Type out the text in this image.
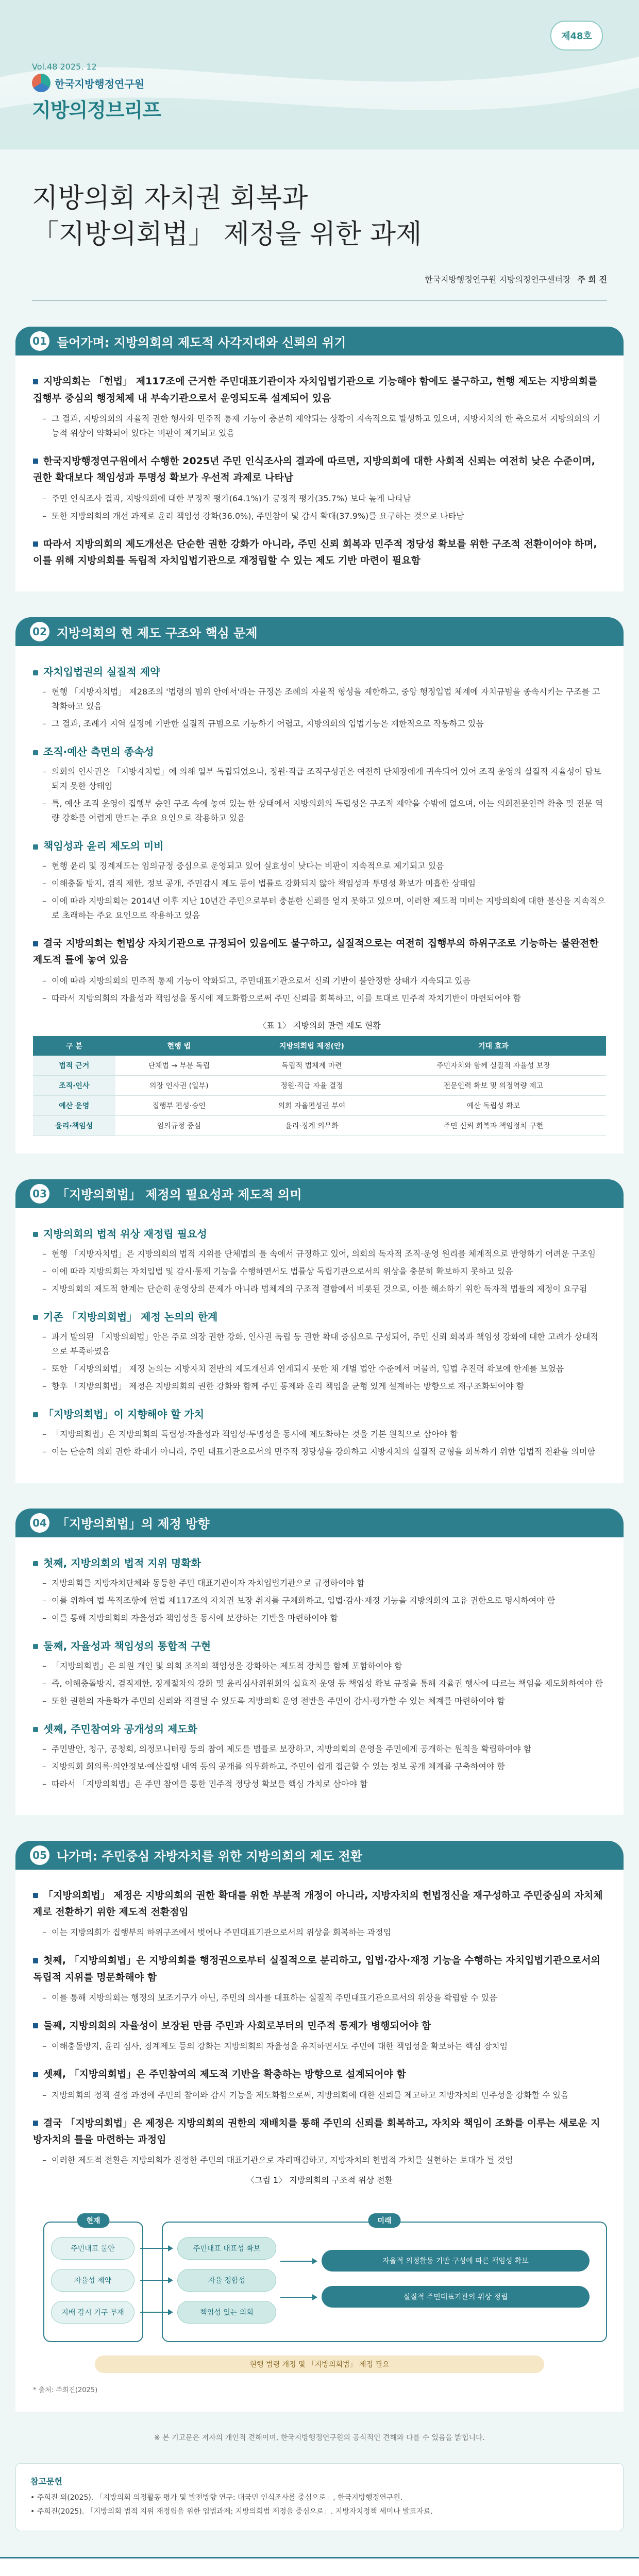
제48호
Vol.48 2025. 12
한국지방행정연구원
지방의정브리프
지방의회 자치권 회복과
「지방의회법」 제정을 위한 과제
한국지방행정연구원 지방의정연구센터장 주 희 진
01 들어가며: 지방의회의 제도적 사각지대와 신뢰의 위기

지방의회는 「헌법」 제117조에 근거한 주민대표기관이자 자치입법기관으로 기능해야 함에도 불구하고, 현행 제도는 지방의회를 집행부 중심의 행정체제 내 부속기관으로서 운영되도록 설계되어 있음

– 그 결과, 지방의회의 자율적 권한 행사와 민주적 통제 기능이 충분히 제약되는 상황이 지속적으로 발생하고 있으며, 지방자치의 한 축으로서 지방의회의 기능적 위상이 약화되어 있다는 비판이 제기되고 있음

한국지방행정연구원에서 수행한 2025년 주민 인식조사의 결과에 따르면, 지방의회에 대한 사회적 신뢰는 여전히 낮은 수준이며, 권한 확대보다 책임성과 투명성 확보가 우선적 과제로 나타남

– 주민 인식조사 결과, 지방의회에 대한 부정적 평가(64.1%)가 긍정적 평가(35.7%) 보다 높게 나타남
– 또한 지방의회의 개선 과제로 윤리 책임성 강화(36.0%), 주민참여 및 감시 확대(37.9%)를 요구하는 것으로 나타남

따라서 지방의회의 제도개선은 단순한 권한 강화가 아니라, 주민 신뢰 회복과 민주적 정당성 확보를 위한 구조적 전환이어야 하며, 이를 위해 지방의회를 독립적 자치입법기관으로 재정립할 수 있는 제도 기반 마련이 필요함

02 지방의회의 현 제도 구조와 핵심 문제
자치입법권의 실질적 제약
– 현행 「지방자치법」 제28조의 '법령의 범위 안에서'라는 규정은 조례의 자율적 형성을 제한하고, 중앙 행정입법 체계에 자치규범을 종속시키는 구조를 고착화하고 있음
– 그 결과, 조례가 지역 실정에 기반한 실질적 규범으로 기능하기 어렵고, 지방의회의 입법기능은 제한적으로 작동하고 있음
조직·예산 측면의 종속성
– 의회의 인사권은 「지방자치법」에 의해 일부 독립되었으나, 정원·직급 조직구성권은 여전히 단체장에게 귀속되어 있어 조직 운영의 실질적 자율성이 담보되지 못한 상태임
– 특, 예산 조직 운영이 집행부 승인 구조 속에 놓여 있는 한 상태에서 지방의회의 독립성은 구조적 제약을 수밖에 없으며, 이는 의회전문인력 확충 및 전문 역량 강화를 어렵게 만드는 주요 요인으로 작용하고 있음
책임성과 윤리 제도의 미비
– 현행 윤리 및 징계제도는 임의규정 중심으로 운영되고 있어 실효성이 낮다는 비판이 지속적으로 제기되고 있음
– 이해충돌 방지, 겸직 제한, 정보 공개, 주민감시 제도 등이 법률로 강화되지 않아 책임성과 투명성 확보가 미흡한 상태임
– 이에 따라 지방의회는 2014년 이후 지난 10년간 주민으로부터 충분한 신뢰를 얻지 못하고 있으며, 이러한 제도적 미비는 지방의회에 대한 불신을 지속적으로 초래하는 주요 요인으로 작용하고 있음

결국 지방의회는 헌법상 자치기관으로 규정되어 있음에도 불구하고, 실질적으로는 여전히 집행부의 하위구조로 기능하는 불완전한 제도적 틀에 놓여 있음

– 이에 따라 지방의회의 민주적 통제 기능이 약화되고, 주민대표기관으로서 신뢰 기반이 불안정한 상태가 지속되고 있음
– 따라서 지방의회의 자율성과 책임성을 동시에 제도화함으로써 주민 신뢰를 회복하고, 이를 토대로 민주적 자치기반이 마련되어야 함
〈표 1〉 지방의회 관련 제도 현황
구 분	현행 법	지방의회법 제정(안)	기대 효과
법적 근거	단체법 → 부분 독립	독립적 법체계 마련	주민자치와 함께 실질적 자율성 보장
조직·인사	의장 인사권 (일부)	정원·직급 자율 결정	전문인력 확보 및 의정역량 제고
예산 운영	집행부 편성·승인	의회 자율편성권 부여	예산 독립성 확보
윤리·책임성	임의규정 중심	윤리·징계 의무화	주민 신뢰 회복과 책임정치 구현
03 「지방의회법」 제정의 필요성과 제도적 의미
지방의회의 법적 위상 재정립 필요성
– 현행 「지방자치법」은 지방의회의 법적 지위를 단체법의 틀 속에서 규정하고 있어, 의회의 독자적 조직·운영 원리를 체계적으로 반영하기 어려운 구조임
– 이에 따라 지방의회는 자치입법 및 감시·통제 기능을 수행하면서도 법률상 독립기관으로서의 위상을 충분히 확보하지 못하고 있음
– 지방의회의 제도적 한계는 단순히 운영상의 문제가 아니라 법체계의 구조적 결함에서 비롯된 것으로, 이를 해소하기 위한 독자적 법률의 제정이 요구됨
기존 「지방의회법」 제정 논의의 한계
– 과거 발의된 「지방의회법」안은 주로 의장 권한 강화, 인사권 독립 등 권한 확대 중심으로 구성되어, 주민 신뢰 회복과 책임성 강화에 대한 고려가 상대적으로 부족하였음
– 또한 「지방의회법」 제정 논의는 지방자치 전반의 제도개선과 연계되지 못한 채 개별 법안 수준에서 머물러, 입법 추진력 확보에 한계를 보였음
– 향후 「지방의회법」 제정은 지방의회의 권한 강화와 함께 주민 통제와 윤리 책임을 균형 있게 설계하는 방향으로 재구조화되어야 함
「지방의회법」이 지향해야 할 가치
– 「지방의회법」은 지방의회의 독립성·자율성과 책임성·투명성을 동시에 제도화하는 것을 기본 원칙으로 삼아야 함
– 이는 단순히 의회 권한 확대가 아니라, 주민 대표기관으로서의 민주적 정당성을 강화하고 지방자치의 실질적 균형을 회복하기 위한 입법적 전환을 의미함
04 「지방의회법」의 제정 방향
첫째, 지방의회의 법적 지위 명확화
– 지방의회를 지방자치단체와 동등한 주민 대표기관이자 자치입법기관으로 규정하여야 함
– 이를 위하여 법 목적조항에 헌법 제117조의 자치권 보장 취지를 구체화하고, 입법·감사·재정 기능을 지방의회의 고유 권한으로 명시하여야 함
– 이를 통해 지방의회의 자율성과 책임성을 동시에 보장하는 기반을 마련하여야 함
둘째, 자율성과 책임성의 통합적 구현
– 「지방의회법」은 의원 개인 및 의회 조직의 책임성을 강화하는 제도적 장치를 함께 포함하여야 함
– 즉, 이해충돌방지, 겸직제한, 징계절차의 강화 및 윤리심사위원회의 실효적 운영 등 책임성 확보 규정을 통해 자율권 행사에 따르는 책임을 제도화하여야 함
– 또한 권한의 자율화가 주민의 신뢰와 직결될 수 있도록 지방의회 운영 전반을 주민이 감시·평가할 수 있는 체계를 마련하여야 함
셋째, 주민참여와 공개성의 제도화
– 주민발안, 청구, 공청회, 의정모니터링 등의 참여 제도를 법률로 보장하고, 지방의회의 운영을 주민에게 공개하는 원칙을 확립하여야 함
– 지방의회 회의록·의안정보·예산집행 내역 등의 공개를 의무화하고, 주민이 쉽게 접근할 수 있는 정보 공개 체계를 구축하여야 함
– 따라서 「지방의회법」은 주민 참여를 통한 민주적 정당성 확보를 핵심 가치로 삼아야 함
05 나가며: 주민중심 자방자치를 위한 지방의회의 제도 전환

「지방의회법」 제정은 지방의회의 권한 확대를 위한 부분적 개정이 아니라, 지방자치의 헌법정신을 재구성하고 주민중심의 자치체제로 전환하기 위한 제도적 전환점임

– 이는 지방의회가 집행부의 하위구조에서 벗어나 주민대표기관으로서의 위상을 회복하는 과정임

첫째, 「지방의회법」은 지방의회를 행정권으로부터 실질적으로 분리하고, 입법·감사·재정 기능을 수행하는 자치입법기관으로서의 독립적 지위를 명문화해야 함

– 이를 통해 지방의회는 행정의 보조기구가 아닌, 주민의 의사를 대표하는 실질적 주민대표기관으로서의 위상을 확립할 수 있음

둘째, 지방의회의 자율성이 보장된 만큼 주민과 사회로부터의 민주적 통제가 병행되어야 함

– 이해충돌방지, 윤리 심사, 징계제도 등의 강화는 지방의회의 자율성을 유지하면서도 주민에 대한 책임성을 확보하는 핵심 장치임

셋째, 「지방의회법」은 주민참여의 제도적 기반을 확충하는 방향으로 설계되어야 함

– 지방의회의 정책 결정 과정에 주민의 참여와 감시 기능을 제도화함으로써, 지방의회에 대한 신뢰를 제고하고 지방자치의 민주성을 강화할 수 있음

결국 「지방의회법」은 제정은 지방의회의 권한의 재배치를 통해 주민의 신뢰를 회복하고, 자치와 책임이 조화를 이루는 새로운 지방자치의 틀을 마련하는 과정임

– 이러한 제도적 전환은 지방의회가 진정한 주민의 대표기관으로 자리매김하고, 지방자치의 헌법적 가치를 실현하는 토대가 될 것임
〈그림 1〉 지방의회의 구조적 위상 전환
현재	미래
주민대표 불안
자율성 제약
지배 감시 기구 부재
주민대표 대표성 확보
자율 정합성
책임성 있는 의회
자율적 의정활동 기반 구성에 따른 책임성 확보
실질적 주민대표기관의 위상 정립
현행 법령 개정 및 「지방의회법」 제정 필요
* 출처: 주희진(2025)
※ 본 기고문은 저자의 개인적 견해이며, 한국지방행정연구원의 공식적인 견해와 다를 수 있음을 밝힙니다.
참고문헌

• 주희진 외(2025). 「지방의회 의정활동 평가 및 발전방향 연구: 대국민 인식조사를 중심으로」, 한국지방행정연구원.

• 주희진(2025). 「지방의회 법적 지위 재정립을 위한 입법과제: 지방의회법 제정을 중심으로」. 지방자치정책 세미나 발표자료.
